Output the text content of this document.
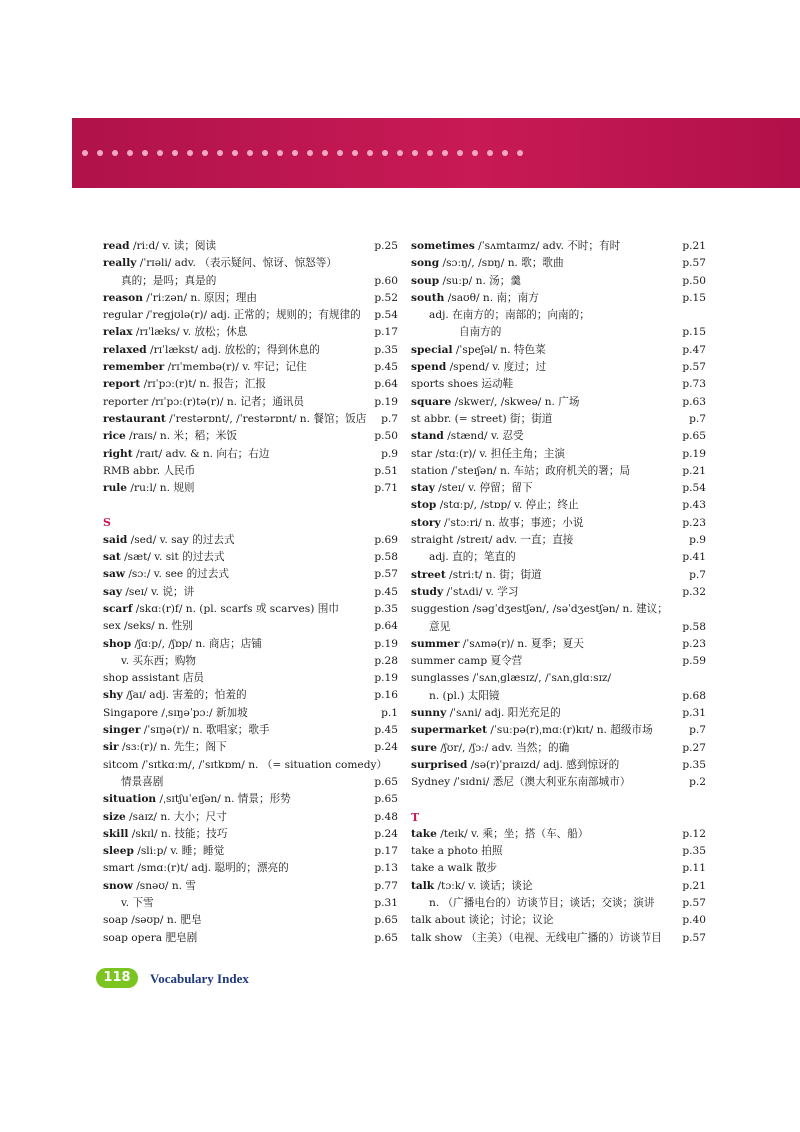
read /riːd/ v. 读；阅读	p.25
really /ˈrɪəli/ adv. （表示疑问、惊讶、惊怒等）
真的；是吗；真是的	p.60
reason /ˈriːzən/ n. 原因；理由	p.52
regular /ˈregjʊlə(r)/ adj. 正常的；规则的；有规律的 p.54
relax /rɪˈlæks/ v. 放松；休息	p.17
relaxed /rɪˈlækst/ adj. 放松的；得到休息的	p.35
remember /rɪˈmembə(r)/ v. 牢记；记住	p.45
report /rɪˈpɔː(r)t/ n. 报告；汇报	p.64
reporter /rɪˈpɔː(r)tə(r)/ n. 记者；通讯员	p.19
restaurant /ˈrestərɒnt/, /ˈrestərɒnt/ n. 餐馆；饭店 p.7
rice /raɪs/ n. 米；稻；米饭	p.50
right /raɪt/ adv. & n. 向右；右边	p.9
RMB abbr. 人民币	p.51
rule /ruːl/ n. 规则	p.71
S
said /sed/ v. say 的过去式	p.69
sat /sæt/ v. sit 的过去式	p.58
saw /sɔː/ v. see 的过去式	p.57
say /seɪ/ v. 说；讲	p.45
scarf /skɑː(r)f/ n. (pl. scarfs 或 scarves) 围巾	p.35
sex /seks/ n. 性别	p.64
shop /ʃɑːp/, /ʃɒp/ n. 商店；店铺	p.19
v. 买东西；购物	p.28
shop assistant 店员	p.19
shy /ʃaɪ/ adj. 害羞的；怕羞的	p.16
Singapore /ˌsɪŋəˈpɔː/ 新加坡	p.1
singer /ˈsɪŋə(r)/ n. 歌唱家；歌手	p.45
sir /sɜː(r)/ n. 先生；阁下	p.24
sitcom /ˈsɪtkɑːm/, /ˈsɪtkɒm/ n. （= situation comedy）
情景喜剧	p.65
situation /ˌsɪtʃuˈeɪʃən/ n. 情景；形势	p.65
size /saɪz/ n. 大小；尺寸	p.48
skill /skɪl/ n. 技能；技巧	p.24
sleep /sliːp/ v. 睡；睡觉	p.17
smart /smɑː(r)t/ adj. 聪明的；漂亮的	p.13
snow /snəʊ/ n. 雪	p.77
v. 下雪	p.31
soap /səʊp/ n. 肥皂	p.65
soap opera 肥皂剧	p.65
sometimes /ˈsʌmtaɪmz/ adv. 不时；有时	p.21
song /sɔːŋ/, /sɒŋ/ n. 歌；歌曲	p.57
soup /suːp/ n. 汤；羹	p.50
south /saʊθ/ n. 南；南方	p.15
adj. 在南方的；南部的；向南的；
自南方的	p.15
special /ˈspeʃəl/ n. 特色菜	p.47
spend /spend/ v. 度过；过	p.57
sports shoes 运动鞋	p.73
square /skwer/, /skweə/ n. 广场	p.63
st abbr. (= street) 街；街道	p.7
stand /stænd/ v. 忍受	p.65
star /stɑː(r)/ v. 担任主角；主演	p.19
station /ˈsteɪʃən/ n. 车站；政府机关的署；局	p.21
stay /steɪ/ v. 停留；留下	p.54
stop /stɑːp/, /stɒp/ v. 停止；终止	p.43
story /ˈstɔːri/ n. 故事；事迹；小说	p.23
straight /streɪt/ adv. 一直；直接	p.9
adj. 直的；笔直的	p.41
street /striːt/ n. 街；街道	p.7
study /ˈstʌdi/ v. 学习	p.32
suggestion /səgˈdʒestʃən/, /səˈdʒestʃən/ n. 建议；
意见	p.58
summer /ˈsʌmə(r)/ n. 夏季；夏天	p.23
summer camp 夏令营	p.59
sunglasses /ˈsʌnˌglæsɪz/, /ˈsʌnˌglɑːsɪz/
n. (pl.) 太阳镜	p.68
sunny /ˈsʌni/ adj. 阳光充足的	p.31
supermarket /ˈsuːpə(r)ˌmɑː(r)kɪt/ n. 超级市场	p.7
sure /ʃʊr/, /ʃɔː/ adv. 当然；的确	p.27
surprised /sə(r)ˈpraɪzd/ adj. 感到惊讶的	p.35
Sydney /ˈsɪdni/ 悉尼（澳大利亚东南部城市）	p.2
T
take /teɪk/ v. 乘；坐；搭（车、船）	p.12
take a photo 拍照	p.35
take a walk 散步	p.11
talk /tɔːk/ v. 谈话；谈论	p.21
n. （广播电台的）访谈节目；谈话；交谈；演讲	p.57
talk about 谈论；讨论；议论	p.40
talk show （主美）（电视、无线电广播的）访谈节目 p.57
118	Vocabulary Index
